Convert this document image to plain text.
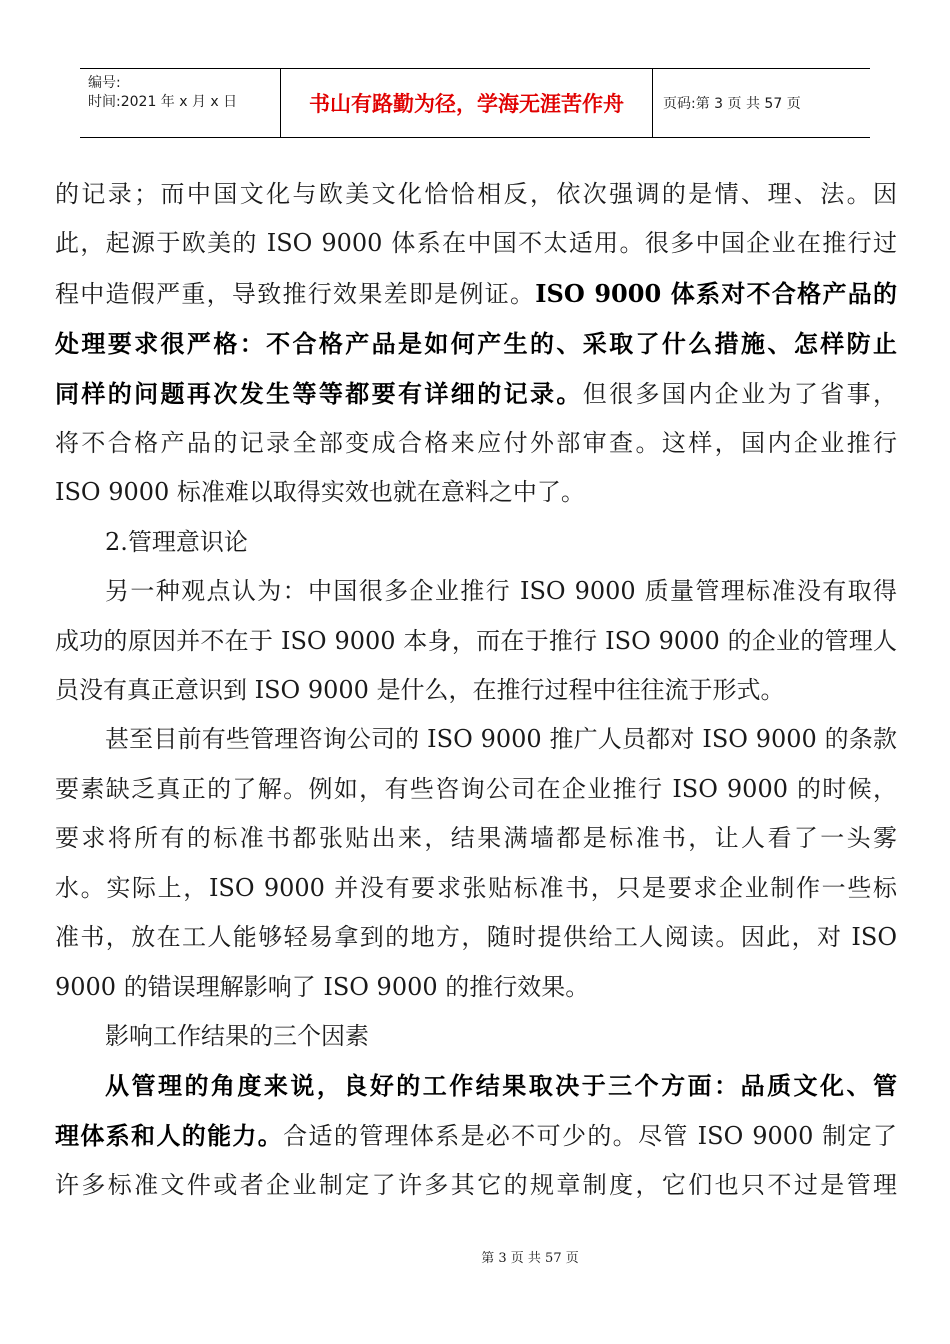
编号:
时间:2021 年 x 月 x 日	书山有路勤为径，学海无涯苦作舟	页码:第 3 页 共 57 页

的记录；而中国文化与欧美文化恰恰相反，依次强调的是情、理、法。因
此，起源于欧美的 ISO 9000 体系在中国不太适用。很多中国企业在推行过
程中造假严重，导致推行效果差即是例证。ISO 9000 体系对不合格产品的
处理要求很严格：不合格产品是如何产生的、采取了什么措施、怎样防止
同样的问题再次发生等等都要有详细的记录。但很多国内企业为了省事，
将不合格产品的记录全部变成合格来应付外部审查。这样，国内企业推行
ISO 9000 标准难以取得实效也就在意料之中了。

2.管理意识论

另一种观点认为：中国很多企业推行 ISO 9000 质量管理标准没有取得
成功的原因并不在于 ISO 9000 本身，而在于推行 ISO 9000 的企业的管理人
员没有真正意识到 ISO 9000 是什么，在推行过程中往往流于形式。

甚至目前有些管理咨询公司的 ISO 9000 推广人员都对 ISO 9000 的条款
要素缺乏真正的了解。例如，有些咨询公司在企业推行 ISO 9000 的时候，
要求将所有的标准书都张贴出来，结果满墙都是标准书，让人看了一头雾
水。实际上，ISO 9000 并没有要求张贴标准书，只是要求企业制作一些标
准书，放在工人能够轻易拿到的地方，随时提供给工人阅读。因此，对 ISO
9000 的错误理解影响了 ISO 9000 的推行效果。

影响工作结果的三个因素

从管理的角度来说，良好的工作结果取决于三个方面：品质文化、管
理体系和人的能力。合适的管理体系是必不可少的。尽管 ISO 9000 制定了
许多标准文件或者企业制定了许多其它的规章制度，它们也只不过是管理

第 3 页 共 57 页
